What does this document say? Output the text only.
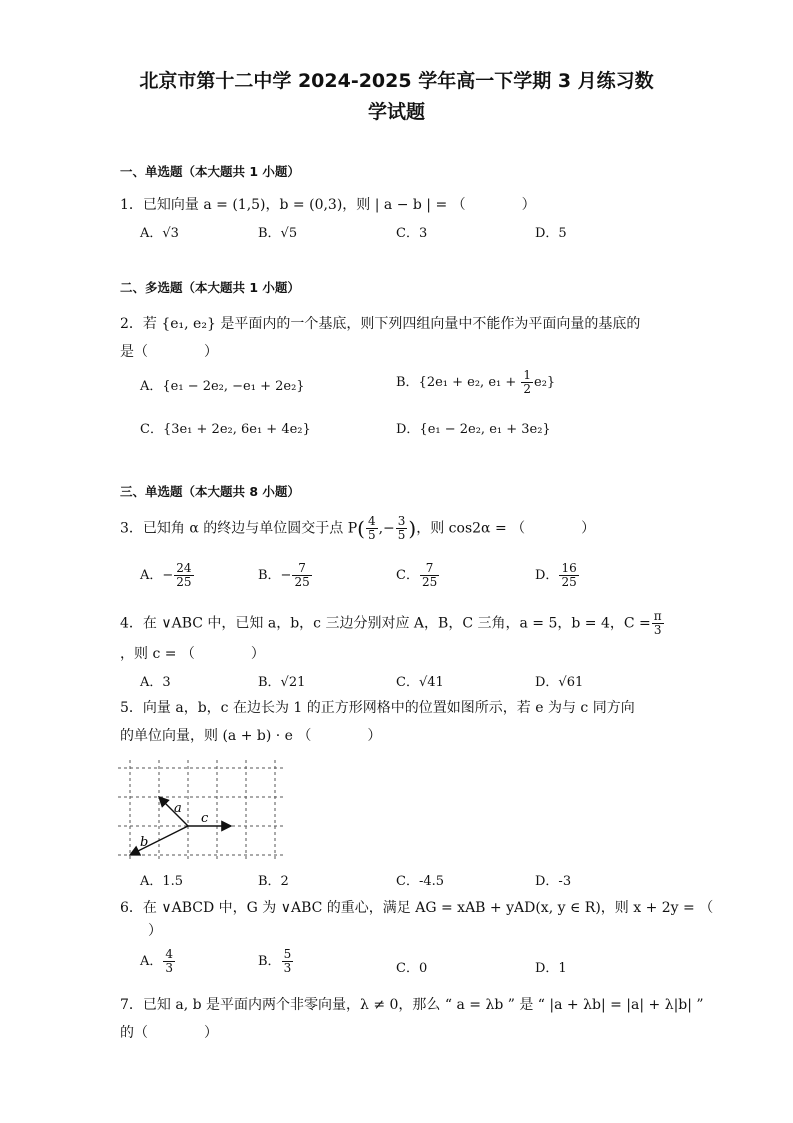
北京市第十二中学 2024-2025 学年高一下学期 3 月练习数
学试题
一、单选题（本大题共 1 小题）
1．已知向量 a = (1,5)，b = (0,3)，则 | a − b | = （　　　　）
A．√3	B．√5	C．3	D．5
二、多选题（本大题共 1 小题）
2．若 {e₁, e₂} 是平面内的一个基底，则下列四组向量中不能作为平面向量的基底的
是（　　　　）
A．{e₁ − 2e₂, −e₁ + 2e₂}	B．{2e₁ + e₂, $e_1 + \frac{1}{2} e_2$}
C．{3e₁ + 2e₂, 6e₁ + 4e₂}	D．{e₁ − 2e₂, e₁ + 3e₂}
三、单选题（本大题共 8 小题）
3．已知角 α 的终边与单位圆交于点 $P( \frac{4}{5}$ ,− $\frac{3}{5}$ )，则 cos2α = （　　　　）
A．− $\frac{24}{25}$	B．− $\frac{7}{25}$	C． $\frac{7}{25}$	D． $\frac{16}{25}$
4．在 ∨ABC 中，已知 a，b，c 三边分别对应 A，B，C 三角，a = 5，b = 4，$C = \frac{\pi}{3}$
，则 c = （　　　　）
A．3	B．√21	C．√41	D．√61
5．向量 a，b，c 在边长为 1 的正方形网格中的位置如图所示，若 e 为与 c 同方向
的单位向量，则 (a + b) · e （　　　　）
a
b
c
A．1.5	B．2	C．-4.5	D．-3
6．在 ∨ABCD 中，G 为 ∨ABC 的重心，满足 AG = xAB + yAD(x, y ∈ R)，则 x + 2y = （
　　）
A． $\frac{4}{3}$	B． $\frac{5}{3}$	C．0	D．1
7．已知 a, b 是平面内两个非零向量，λ ≠ 0，那么 “ a = λb ” 是 “ |a + λb| = |a| + λ|b| ”
的（　　　　）
